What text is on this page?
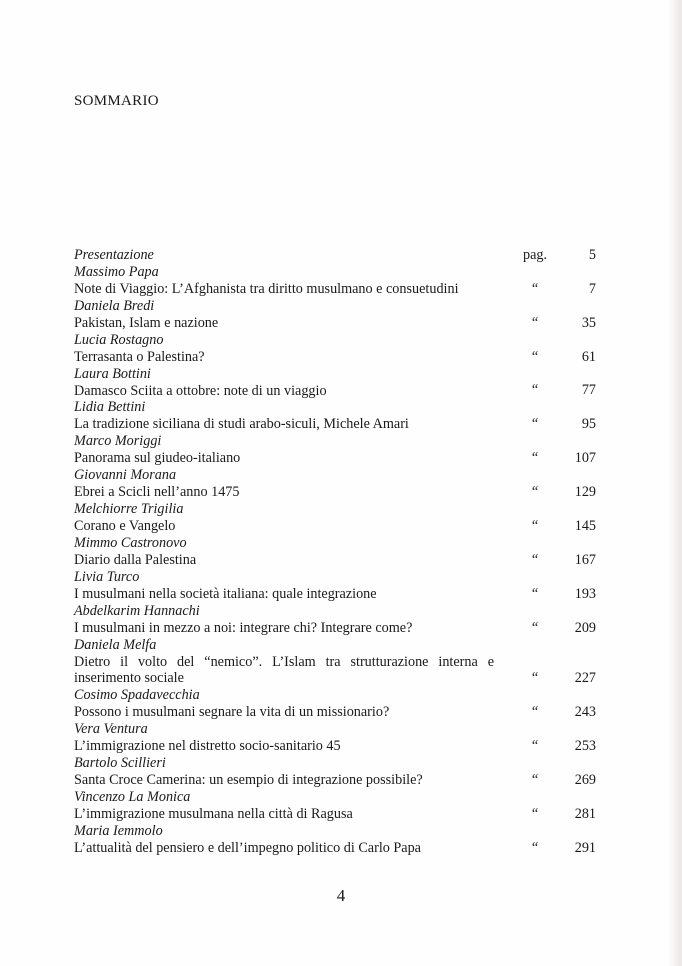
SOMMARIO
Presentazione	pag.	5
Massimo Papa
Note di Viaggio: L’Afghanista tra diritto musulmano e consuetudini	“	7
Daniela Bredi
Pakistan, Islam e nazione	“	35
Lucia Rostagno
Terrasanta o Palestina?	“	61
Laura Bottini
Damasco Sciita a ottobre: note di un viaggio	“	77
Lidia Bettini
La tradizione siciliana di studi arabo-siculi, Michele Amari	“	95
Marco Moriggi
Panorama sul giudeo-italiano	“	107
Giovanni Morana
Ebrei a Scicli nell’anno 1475	“	129
Melchiorre Trigilia
Corano e Vangelo	“	145
Mimmo Castronovo
Diario dalla Palestina	“	167
Livia Turco
I musulmani nella società italiana: quale integrazione	“	193
Abdelkarim Hannachi
I musulmani in mezzo a noi: integrare chi? Integrare come?	“	209
Daniela Melfa
Dietro il volto del “nemico”. L’Islam tra strutturazione interna e inserimento sociale	“	227
Cosimo Spadavecchia
Possono i musulmani segnare la vita di un missionario?	“	243
Vera Ventura
L’immigrazione nel distretto socio-sanitario 45	“	253
Bartolo Scillieri
Santa Croce Camerina: un esempio di integrazione possibile?	“	269
Vincenzo La Monica
L’immigrazione musulmana nella città di Ragusa	“	281
Maria Iemmolo
L’attualità del pensiero e dell’impegno politico di Carlo Papa	“	291
4
